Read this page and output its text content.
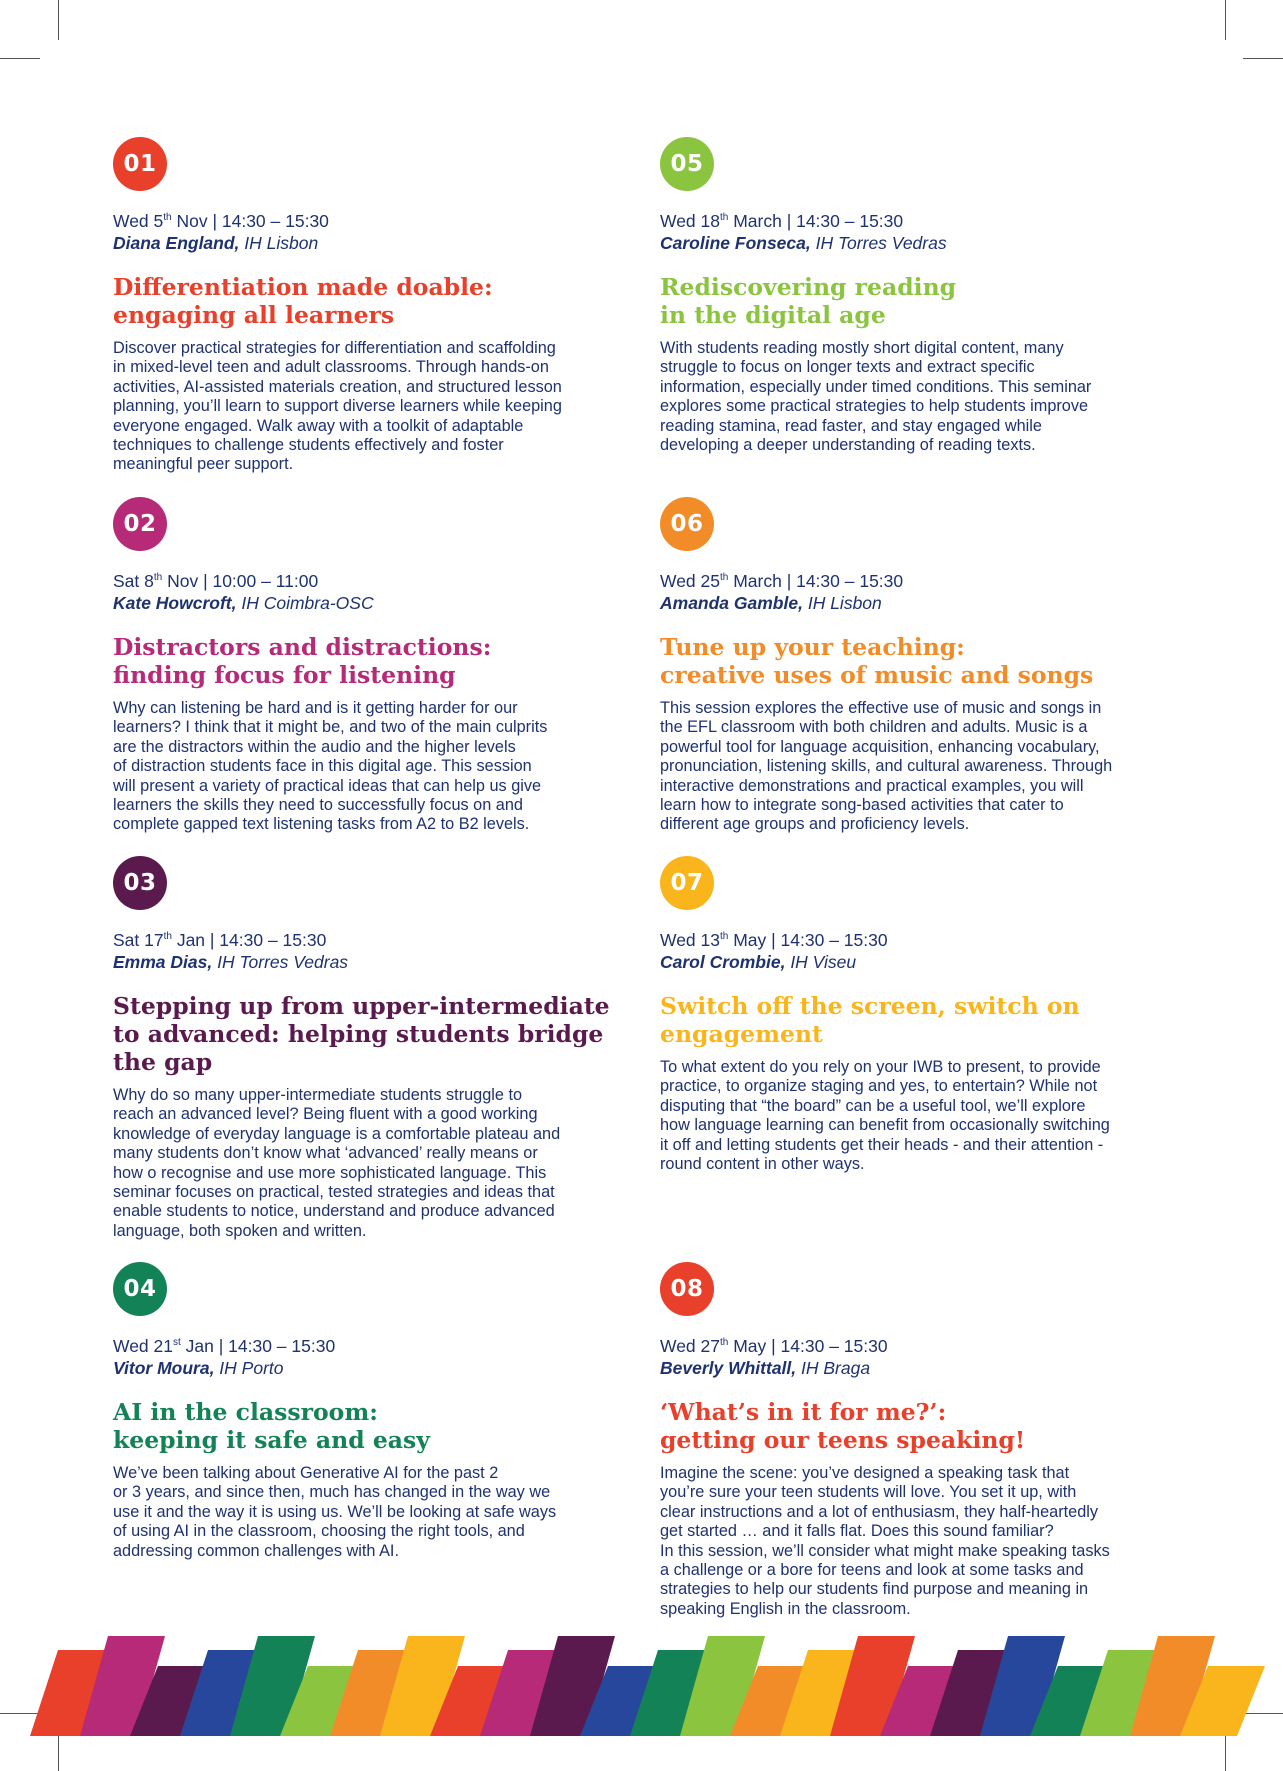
01
Wed 5th Nov | 14:30 – 15:30
Diana England, IH Lisbon
Differentiation made doable:
engaging all learners
Discover practical strategies for differentiation and scaffolding
in mixed-level teen and adult classrooms. Through hands-on
activities, AI-assisted materials creation, and structured lesson
planning, you’ll learn to support diverse learners while keeping
everyone engaged. Walk away with a toolkit of adaptable
techniques to challenge students effectively and foster
meaningful peer support.
02
Sat 8th Nov | 10:00 – 11:00
Kate Howcroft, IH Coimbra-OSC
Distractors and distractions:
finding focus for listening
Why can listening be hard and is it getting harder for our
learners? I think that it might be, and two of the main culprits
are the distractors within the audio and the higher levels
of distraction students face in this digital age. This session
will present a variety of practical ideas that can help us give
learners the skills they need to successfully focus on and
complete gapped text listening tasks from A2 to B2 levels.
03
Sat 17th Jan | 14:30 – 15:30
Emma Dias, IH Torres Vedras
Stepping up from upper-intermediate
to advanced: helping students bridge
the gap
Why do so many upper-intermediate students struggle to
reach an advanced level? Being fluent with a good working
knowledge of everyday language is a comfortable plateau and
many students don’t know what ‘advanced’ really means or
how o recognise and use more sophisticated language. This
seminar focuses on practical, tested strategies and ideas that
enable students to notice, understand and produce advanced
language, both spoken and written.
04
Wed 21st Jan | 14:30 – 15:30
Vitor Moura, IH Porto
AI in the classroom:
keeping it safe and easy
We’ve been talking about Generative AI for the past 2
or 3 years, and since then, much has changed in the way we
use it and the way it is using us. We’ll be looking at safe ways
of using AI in the classroom, choosing the right tools, and
addressing common challenges with AI.
05
Wed 18th March | 14:30 – 15:30
Caroline Fonseca, IH Torres Vedras
Rediscovering reading
in the digital age
With students reading mostly short digital content, many
struggle to focus on longer texts and extract specific
information, especially under timed conditions. This seminar
explores some practical strategies to help students improve
reading stamina, read faster, and stay engaged while
developing a deeper understanding of reading texts.
06
Wed 25th March | 14:30 – 15:30
Amanda Gamble, IH Lisbon
Tune up your teaching:
creative uses of music and songs
This session explores the effective use of music and songs in
the EFL classroom with both children and adults. Music is a
powerful tool for language acquisition, enhancing vocabulary,
pronunciation, listening skills, and cultural awareness. Through
interactive demonstrations and practical examples, you will
learn how to integrate song-based activities that cater to
different age groups and proficiency levels.
07
Wed 13th May | 14:30 – 15:30
Carol Crombie, IH Viseu
Switch off the screen, switch on
engagement
To what extent do you rely on your IWB to present, to provide
practice, to organize staging and yes, to entertain? While not
disputing that “the board” can be a useful tool, we’ll explore
how language learning can benefit from occasionally switching
it off and letting students get their heads - and their attention -
round content in other ways.
08
Wed 27th May | 14:30 – 15:30
Beverly Whittall, IH Braga
‘What’s in it for me?’:
getting our teens speaking!
Imagine the scene: you’ve designed a speaking task that
you’re sure your teen students will love. You set it up, with
clear instructions and a lot of enthusiasm, they half-heartedly
get started … and it falls flat. Does this sound familiar?
In this session, we’ll consider what might make speaking tasks
a challenge or a bore for teens and look at some tasks and
strategies to help our students find purpose and meaning in
speaking English in the classroom.
